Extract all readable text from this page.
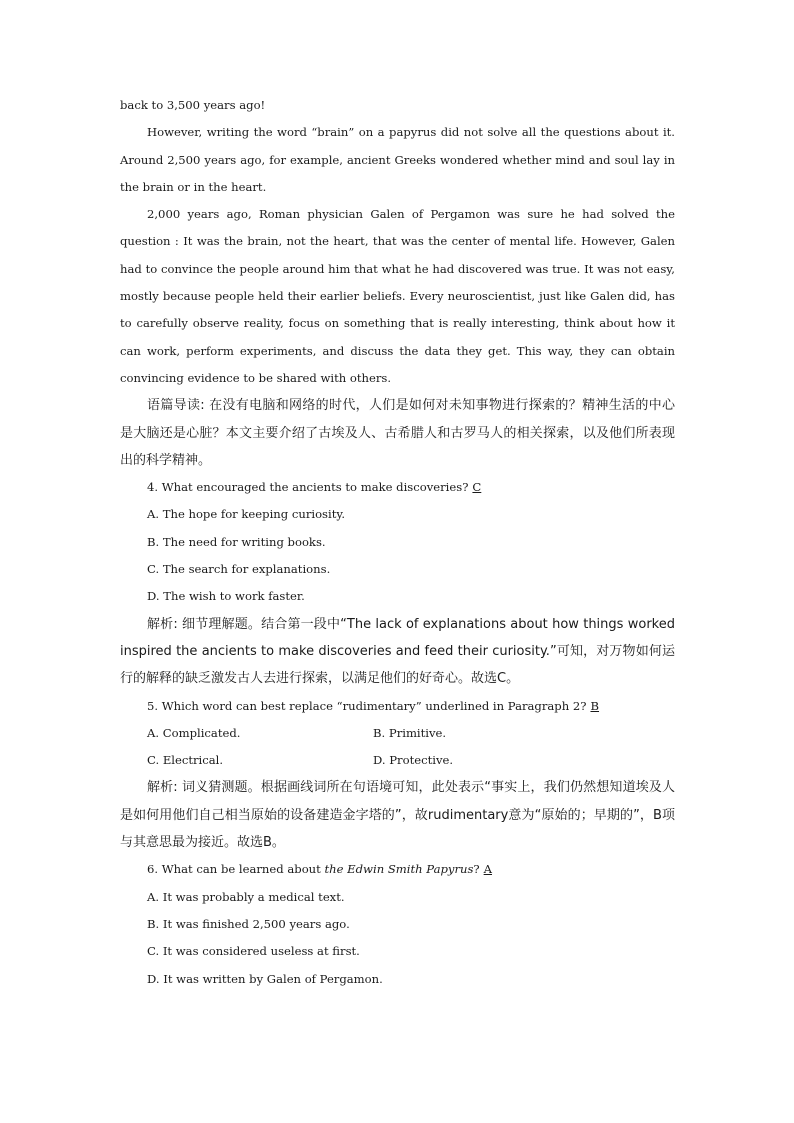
back to 3,500 years ago!

However, writing the word “brain” on a papyrus did not solve all the questions about it. Around 2,500 years ago, for example, ancient Greeks wondered whether mind and soul lay in the brain or in the heart.

2,000 years ago, Roman physician Galen of Pergamon was sure he had solved the question : It was the brain, not the heart, that was the center of mental life. However, Galen had to convince the people around him that what he had discovered was true. It was not easy, mostly because people held their earlier beliefs. Every neuroscientist, just like Galen did, has to carefully observe reality, focus on something that is really interesting, think about how it can work, perform experiments, and discuss the data they get. This way, they can obtain convincing evidence to be shared with others.

语篇导读: 在没有电脑和网络的时代，人们是如何对未知事物进行探索的？精神生活的中心是大脑还是心脏？本文主要介绍了古埃及人、古希腊人和古罗马人的相关探索，以及他们所表现出的科学精神。

4. What encouraged the ancients to make discoveries? C

A. The hope for keeping curiosity.

B. The need for writing books.

C. The search for explanations.

D. The wish to work faster.

解析: 细节理解题。结合第一段中“The lack of explanations about how things worked inspired the ancients to make discoveries and feed their curiosity.”可知，对万物如何运行的解释的缺乏激发古人去进行探索，以满足他们的好奇心。故选C。

5. Which word can best replace “rudimentary” underlined in Paragraph 2? B

A. Complicated.	B. Primitive.
C. Electrical.	D. Protective.

解析: 词义猜测题。根据画线词所在句语境可知，此处表示“事实上，我们仍然想知道埃及人是如何用他们自己相当原始的设备建造金字塔的”，故rudimentary意为“原始的；早期的”，B项与其意思最为接近。故选B。

6. What can be learned about the Edwin Smith Papyrus? A

A. It was probably a medical text.

B. It was finished 2,500 years ago.

C. It was considered useless at first.

D. It was written by Galen of Pergamon.
